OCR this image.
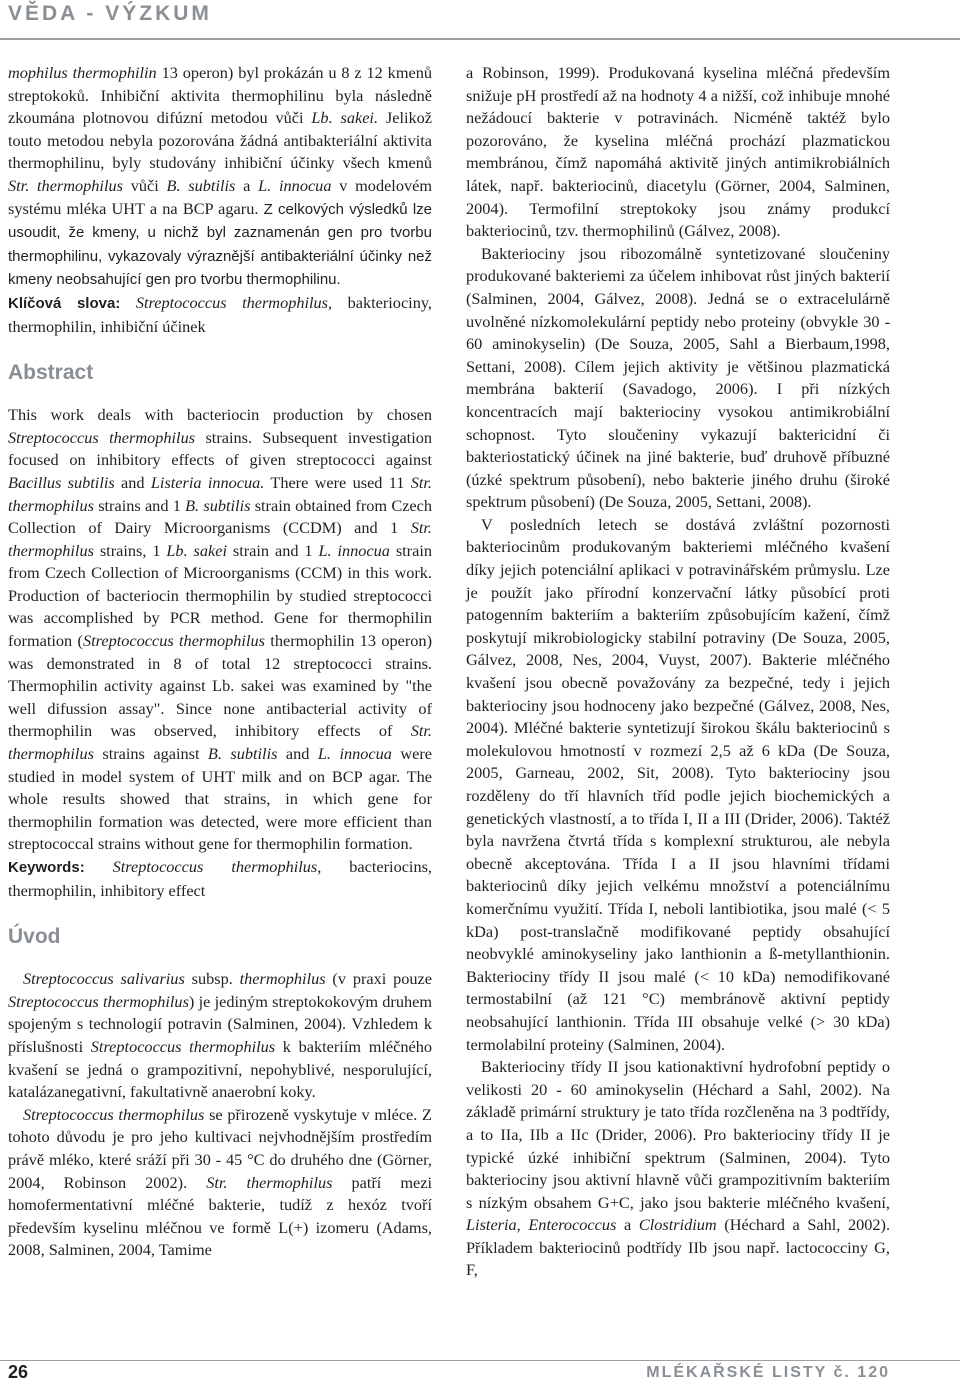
VĚDA - VÝZKUM

mophilus thermophilin 13 operon) byl prokázán u 8 z 12 kmenů streptokoků. Inhibiční aktivita thermophilinu byla následně zkoumána plotnovou difúzní metodou vůči Lb. sakei. Jelikož touto metodou nebyla pozorována žádná antibakteriální aktivita thermophilinu, byly studovány inhibiční účinky všech kmenů Str. thermophilus vůči B. subtilis a L. innocua v modelovém systému mléka UHT a na BCP agaru. Z celkových výsledků lze usoudit, že kmeny, u nichž byl zaznamenán gen pro tvorbu thermophilinu, vykazovaly výraznější antibakteriální účinky než kmeny neobsahující gen pro tvorbu thermophilinu.

Klíčová slova: Streptococcus thermophilus, bakteriociny, thermophilin, inhibiční účinek

Abstract

This work deals with bacteriocin production by chosen Streptococcus thermophilus strains. Subsequent investigation focused on inhibitory effects of given streptococci against Bacillus subtilis and Listeria innocua. There were used 11 Str. thermophilus strains and 1 B. subtilis strain obtained from Czech Collection of Dairy Microorganisms (CCDM) and 1 Str. thermophilus strains, 1 Lb. sakei strain and 1 L. innocua strain from Czech Collection of Microorganisms (CCM) in this work. Production of bacteriocin thermophilin by studied streptococci was accomplished by PCR method. Gene for thermophilin formation (Streptococcus thermophilus thermophilin 13 operon) was demonstrated in 8 of total 12 streptococci strains. Thermophilin activity against Lb. sakei was examined by "the well difussion assay". Since none antibacterial activity of thermophilin was observed, inhibitory effects of Str. thermophilus strains against B. subtilis and L. innocua were studied in model system of UHT milk and on BCP agar. The whole results showed that strains, in which gene for thermophilin formation was detected, were more efficient than streptococcal strains without gene for thermophilin formation.

Keywords: Streptococcus thermophilus, bacteriocins, thermophilin, inhibitory effect

Úvod

Streptococcus salivarius subsp. thermophilus (v praxi pouze Streptococcus thermophilus) je jediným streptokokovým druhem spojeným s technologií potravin (Salminen, 2004). Vzhledem k příslušnosti Streptococcus thermophilus k bakteriím mléčného kvašení se jedná o grampozitivní, nepohyblivé, nesporulující, katalázanegativní, fakultativně anaerobní koky.

Streptococcus thermophilus se přirozeně vyskytuje v mléce. Z tohoto důvodu je pro jeho kultivaci nejvhodnějším prostředím právě mléko, které sráží při 30 - 45 °C do druhého dne (Görner, 2004, Robinson 2002). Str. thermophilus patří mezi homofermentativní mléčné bakterie, tudíž z hexóz tvoří především kyselinu mléčnou ve formě L(+) izomeru (Adams, 2008, Salminen, 2004, Tamime

a Robinson, 1999). Produkovaná kyselina mléčná především snižuje pH prostředí až na hodnoty 4 a nižší, což inhibuje mnohé nežádoucí bakterie v potravinách. Nicméně taktéž bylo pozorováno, že kyselina mléčná prochází plazmatickou membránou, čímž napomáhá aktivitě jiných antimikrobiálních látek, např. bakteriocinů, diacetylu (Görner, 2004, Salminen, 2004). Termofilní streptokoky jsou známy produkcí bakteriocinů, tzv. thermophilinů (Gálvez, 2008).

Bakteriociny jsou ribozomálně syntetizované sloučeniny produkované bakteriemi za účelem inhibovat růst jiných bakterií (Salminen, 2004, Gálvez, 2008). Jedná se o extracelulárně uvolněné nízkomolekulární peptidy nebo proteiny (obvykle 30 - 60 aminokyselin) (De Souza, 2005, Sahl a Bierbaum,1998, Settani, 2008). Cílem jejich aktivity je většinou plazmatická membrána bakterií (Savadogo, 2006). I při nízkých koncentracích mají bakteriociny vysokou antimikrobiální schopnost. Tyto sloučeniny vykazují baktericidní či bakteriostatický účinek na jiné bakterie, buď druhově příbuzné (úzké spektrum působení), nebo bakterie jiného druhu (široké spektrum působení) (De Souza, 2005, Settani, 2008).

V posledních letech se dostává zvláštní pozornosti bakteriocinům produkovaným bakteriemi mléčného kvašení díky jejich potenciální aplikaci v potravinářském průmyslu. Lze je použít jako přírodní konzervační látky působící proti patogenním bakteriím a bakteriím způsobujícím kažení, čímž poskytují mikrobiologicky stabilní potraviny (De Souza, 2005, Gálvez, 2008, Nes, 2004, Vuyst, 2007). Bakterie mléčného kvašení jsou obecně považovány za bezpečné, tedy i jejich bakteriociny jsou hodnoceny jako bezpečné (Gálvez, 2008, Nes, 2004). Mléčné bakterie syntetizují širokou škálu bakteriocinů s molekulovou hmotností v rozmezí 2,5 až 6 kDa (De Souza, 2005, Garneau, 2002, Sit, 2008). Tyto bakteriociny jsou rozděleny do tří hlavních tříd podle jejich biochemických a genetických vlastností, a to třída I, II a III (Drider, 2006). Taktéž byla navržena čtvrtá třída s komplexní strukturou, ale nebyla obecně akceptována. Třída I a II jsou hlavními třídami bakteriocinů díky jejich velkému množství a potenciálnímu komerčnímu využití. Třída I, neboli lantibiotika, jsou malé (< 5 kDa) post-translačně modifikované peptidy obsahující neobvyklé aminokyseliny jako lanthionin a ß-metyllanthionin. Bakteriociny třídy II jsou malé (< 10 kDa) nemodifikované termostabilní (až 121 °C) membránově aktivní peptidy neobsahující lanthionin. Třída III obsahuje velké (> 30 kDa) termolabilní proteiny (Salminen, 2004).

Bakteriociny třídy II jsou kationaktivní hydrofobní peptidy o velikosti 20 - 60 aminokyselin (Héchard a Sahl, 2002). Na základě primární struktury je tato třída rozčleněna na 3 podtřídy, a to IIa, IIb a IIc (Drider, 2006). Pro bakteriociny třídy II je typické úzké inhibiční spektrum (Salminen, 2004). Tyto bakteriociny jsou aktivní hlavně vůči grampozitivním bakteriím s nízkým obsahem G+C, jako jsou bakterie mléčného kvašení, Listeria, Enterococcus a Clostridium (Héchard a Sahl, 2002). Příkladem bakteriocinů podtřídy IIb jsou např. lactococciny G, F,

26	MLÉKAŘSKÉ LISTY č. 120
